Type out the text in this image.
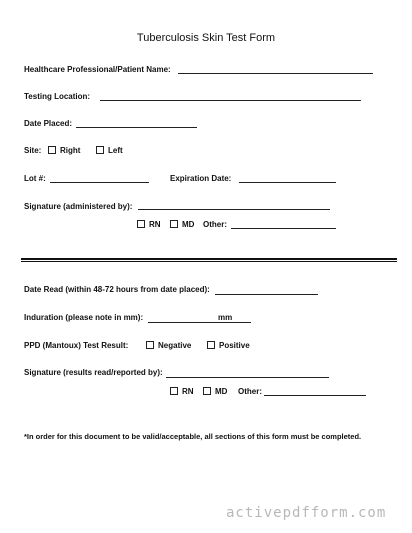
Tuberculosis Skin Test Form
Healthcare Professional/Patient Name:
Testing Location:
Date Placed:
Site: Right	Left
Lot #:	Expiration Date:
Signature (administered by):
RN	MD Other:
Date Read (within 48-72 hours from date placed):
Induration (please note in mm):	mm
PPD (Mantoux) Test Result:	Negative	Positive
Signature (results read/reported by):
RN	MD Other:
*In order for this document to be valid/acceptable, all sections of this form must be completed.
activepdfform.com
